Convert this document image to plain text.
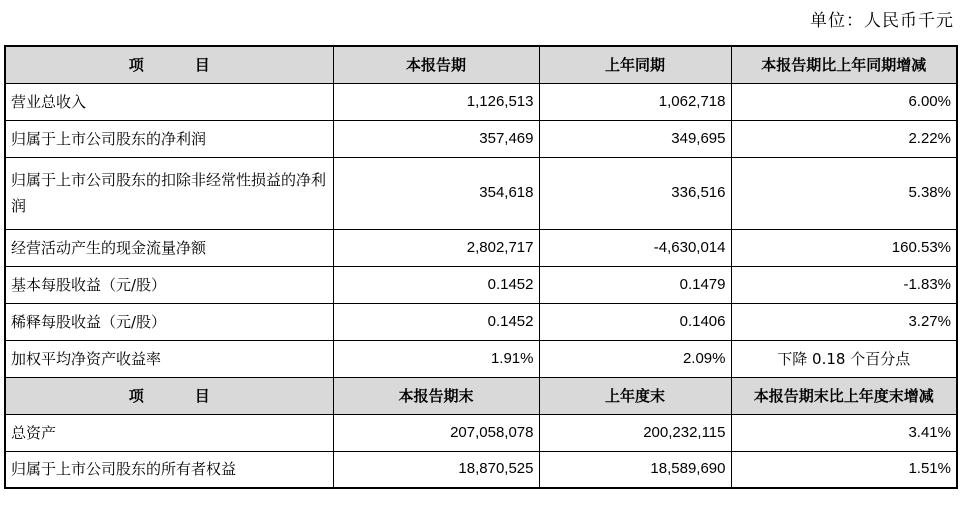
单位：人民币千元
项　目	本报告期	上年同期	本报告期比上年同期增减
营业总收入	1,126,513	1,062,718	6.00%
归属于上市公司股东的净利润	357,469	349,695	2.22%
归属于上市公司股东的扣除非经常性损益的净利润	354,618	336,516	5.38%
经营活动产生的现金流量净额	2,802,717	-4,630,014	160.53%
基本每股收益（元/股）	0.1452	0.1479	-1.83%
稀释每股收益（元/股）	0.1452	0.1406	3.27%
加权平均净资产收益率	1.91%	2.09%	下降 0.18 个百分点
项　目	本报告期末	上年度末	本报告期末比上年度末增减
总资产	207,058,078	200,232,115	3.41%
归属于上市公司股东的所有者权益	18,870,525	18,589,690	1.51%
